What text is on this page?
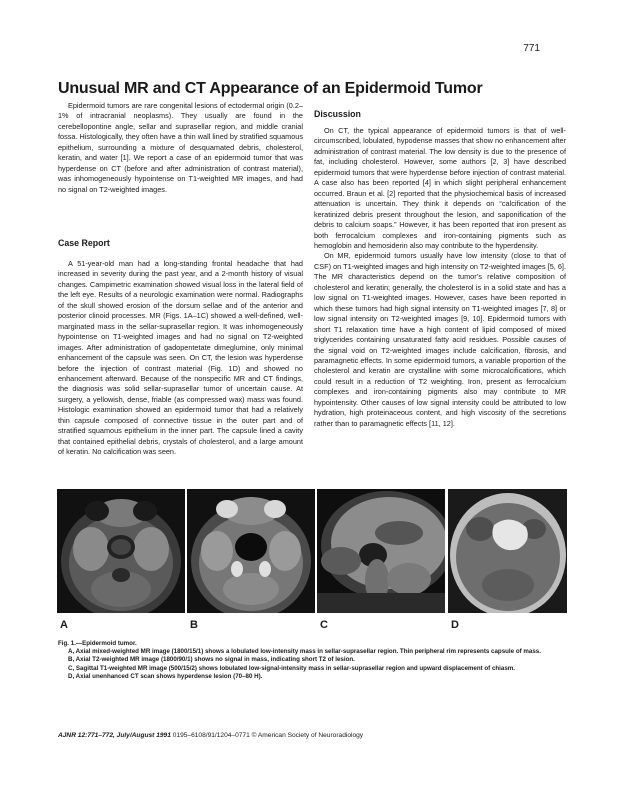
771
Unusual MR and CT Appearance of an Epidermoid Tumor

Epidermoid tumors are rare congenital lesions of ectodermal origin (0.2–1% of intracranial neoplasms). They usually are found in the cerebellopontine angle, sellar and suprasellar region, and middle cranial fossa. Histologically, they often have a thin wall lined by stratified squamous epithelium, surrounding a mixture of desquamated debris, cholesterol, keratin, and water [1]. We report a case of an epidermoid tumor that was hyperdense on CT (before and after administration of contrast material), was inhomogeneously hypointense on T1-weighted MR images, and had no signal on T2-weighted images.

Case Report

A 51-year-old man had a long-standing frontal headache that had increased in severity during the past year, and a 2-month history of visual changes. Campimetric examination showed visual loss in the lateral field of the left eye. Results of a neurologic examination were normal. Radiographs of the skull showed erosion of the dorsum sellae and of the anterior and posterior clinoid processes. MR (Figs. 1A–1C) showed a well-defined, well-marginated mass in the sellar-suprasellar region. It was inhomogeneously hypointense on T1-weighted images and had no signal on T2-weighted images. After administration of gadopentetate dimeglumine, only minimal enhancement of the capsule was seen. On CT, the lesion was hyperdense before the injection of contrast material (Fig. 1D) and showed no enhancement afterward. Because of the nonspecific MR and CT findings, the diagnosis was solid sellar-suprasellar tumor of uncertain cause. At surgery, a yellowish, dense, friable (as compressed wax) mass was found. Histologic examination showed an epidermoid tumor that had a relatively thin capsule composed of connective tissue in the outer part and of stratified squamous epithelium in the inner part. The capsule lined a cavity that contained epithelial debris, crystals of cholesterol, and a large amount of keratin. No calcification was seen.

Discussion

On CT, the typical appearance of epidermoid tumors is that of well-circumscribed, lobulated, hypodense masses that show no enhancement after administration of contrast material. The low density is due to the presence of fat, including cholesterol. However, some authors [2, 3] have described epidermoid tumors that were hyperdense before injection of contrast material. A case also has been reported [4] in which slight peripheral enhancement occurred. Braun et al. [2] reported that the physiochemical basis of increased attenuation is uncertain. They think it depends on “calcification of the keratinized debris present throughout the lesion, and saponification of the debris to calcium soaps.” However, it has been reported that iron present as both ferrocalcium complexes and iron-containing pigments such as hemoglobin and hemosiderin also may contribute to the hyperdensity.

On MR, epidermoid tumors usually have low intensity (close to that of CSF) on T1-weighted images and high intensity on T2-weighted images [5, 6]. The MR characteristics depend on the tumor’s relative composition of cholesterol and keratin; generally, the cholesterol is in a solid state and has a low signal on T1-weighted images. However, cases have been reported in which these tumors had high signal intensity on T1-weighted images [7, 8] or low signal intensity on T2-weighted images [9, 10]. Epidermoid tumors with short T1 relaxation time have a high content of lipid composed of mixed triglycerides containing unsaturated fatty acid residues. Possible causes of the signal void on T2-weighted images include calcification, fibrosis, and paramagnetic effects. In some epidermoid tumors, a variable proportion of the cholesterol and keratin are crystalline with some microcalcifications, which could result in a reduction of T2 weighting. Iron, present as ferrocalcium complexes and iron-containing pigments also may contribute to MR hypointensity. Other causes of low signal intensity could be attributed to low hydration, high proteinaceous content, and high viscosity of the secretions rather than to paramagnetic effects [11, 12].

A	B	C	D

Fig. 1.—Epidermoid tumor.

A, Axial mixed-weighted MR image (1800/15/1) shows a lobulated low-intensity mass in sellar-suprasellar region. Thin peripheral rim represents capsule of mass.

B, Axial T2-weighted MR image (1800/90/1) shows no signal in mass, indicating short T2 of lesion.

C, Sagittal T1-weighted MR image (500/15/2) shows lobulated low-signal-intensity mass in sellar-suprasellar region and upward displacement of chiasm.

D, Axial unenhanced CT scan shows hyperdense lesion (70–80 H).

AJNR 12:771–772, July/August 1991 0195–6108/91/1204–0771 © American Society of Neuroradiology
